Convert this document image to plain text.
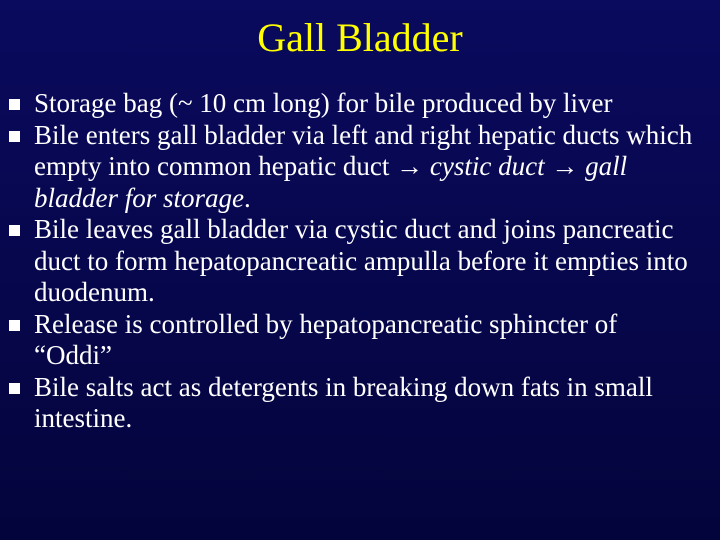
Gall Bladder
Storage bag (~ 10 cm long) for bile produced by liver
Bile enters gall bladder via left and right hepatic ducts which empty into common hepatic duct → cystic duct → gall bladder for storage.
Bile leaves gall bladder via cystic duct and joins pancreatic duct to form hepatopancreatic ampulla before it empties into duodenum.
Release is controlled by hepatopancreatic sphincter of “Oddi”
Bile salts act as detergents in breaking down fats in small intestine.
